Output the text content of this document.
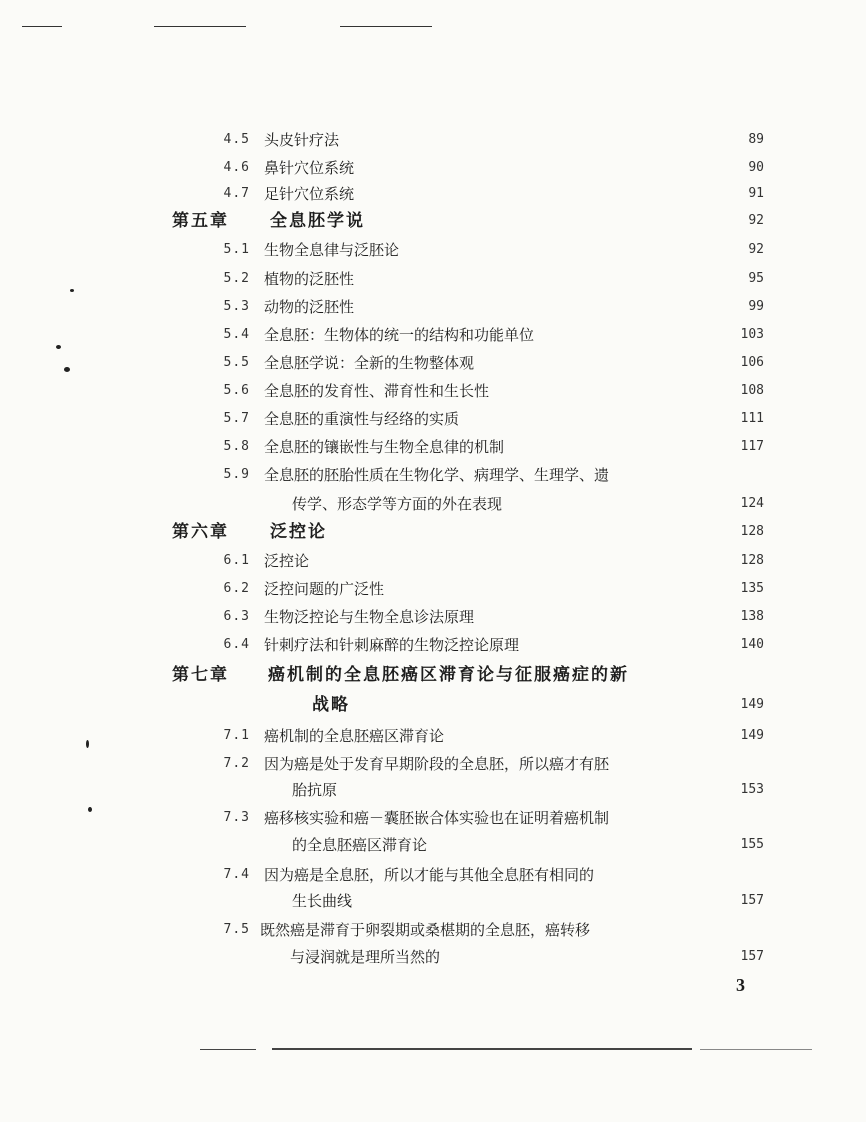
4.5 头皮针疗法	89
4.6 鼻针穴位系统	90
4.7 足针穴位系统	91
第五章 全息胚学说	92
5.1 生物全息律与泛胚论	92
5.2 植物的泛胚性	95
5.3 动物的泛胚性	99
5.4 全息胚：生物体的统一的结构和功能单位	103
5.5 全息胚学说：全新的生物整体观	106
5.6 全息胚的发育性、滞育性和生长性	108
5.7 全息胚的重演性与经络的实质	111
5.8 全息胚的镶嵌性与生物全息律的机制	117
5.9 全息胚的胚胎性质在生物化学、病理学、生理学、遗
传学、形态学等方面的外在表现	124
第六章 泛控论	128
6.1 泛控论	128
6.2 泛控问题的广泛性	135
6.3 生物泛控论与生物全息诊法原理	138
6.4 针刺疗法和针刺麻醉的生物泛控论原理	140
第七章 癌机制的全息胚癌区滞育论与征服癌症的新
战略	149
7.1 癌机制的全息胚癌区滞育论	149
7.2 因为癌是处于发育早期阶段的全息胚，所以癌才有胚
胎抗原	153
7.3 癌移核实验和癌－囊胚嵌合体实验也在证明着癌机制
的全息胚癌区滞育论	155
7.4 因为癌是全息胚，所以才能与其他全息胚有相同的
生长曲线	157
7.5 既然癌是滞育于卵裂期或桑椹期的全息胚，癌转移
与浸润就是理所当然的	157
3
